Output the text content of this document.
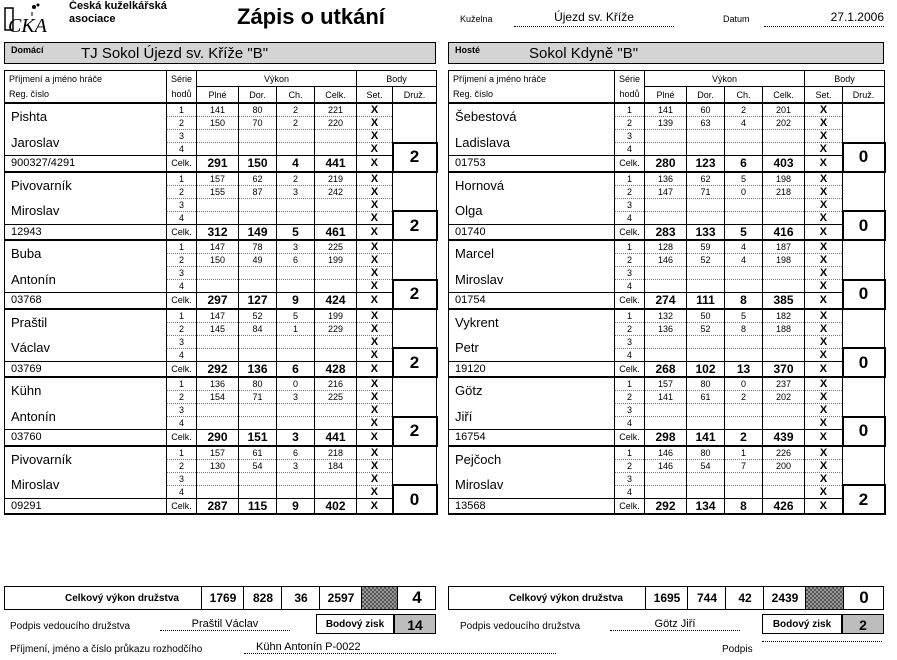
CKA
Česká kuželkářská
asociace	Zápis o utkání	Kuželna	Újezd sv. Kříže	Datum	27.1.2006
Domácí TJ Sokol Újezd sv. Kříže "B"	Hosté	Sokol Kdyně "B"
Příjmení a jméno hráče	Série	Výkon				Body	
Reg. číslo	hodů	Plné	Dor.	Ch.	Celk.	Set.	Druž.
Pishta	1	141	80	2	221	X	
	2	150	70	2	220	X	
Jaroslav	3					X	
	4					X	2
900327/4291	Celk.	291	150	4	441	X	
Pivovarník	1	157	62	2	219	X	
	2	155	87	3	242	X	
Miroslav	3					X	
	4					X	2
12943	Celk.	312	149	5	461	X	
Buba	1	147	78	3	225	X	
	2	150	49	6	199	X	
Antonín	3					X	
	4					X	2
03768	Celk.	297	127	9	424	X	
Praštil	1	147	52	5	199	X	
	2	145	84	1	229	X	
Václav	3					X	
	4					X	2
03769	Celk.	292	136	6	428	X	
Kühn	1	136	80	0	216	X	
	2	154	71	3	225	X	
Antonín	3					X	
	4					X	2
03760	Celk.	290	151	3	441	X	
Pivovarník	1	157	61	6	218	X	
	2	130	54	3	184	X	
Miroslav	3					X	
	4					X	0
09291	Celk.	287	115	9	402	X	
Příjmení a jméno hráče	Série	Výkon				Body	
Reg. číslo	hodů	Plné	Dor.	Ch.	Celk.	Set.	Druž.
Šebestová	1	141	60	2	201	X	
	2	139	63	4	202	X	
Ladislava	3					X	
	4					X	0
01753	Celk.	280	123	6	403	X	
Hornová	1	136	62	5	198	X	
	2	147	71	0	218	X	
Olga	3					X	
	4					X	0
01740	Celk.	283	133	5	416	X	
Marcel	1	128	59	4	187	X	
	2	146	52	4	198	X	
Miroslav	3					X	
	4					X	0
01754	Celk.	274	111	8	385	X	
Vykrent	1	132	50	5	182	X	
	2	136	52	8	188	X	
Petr	3					X	
	4					X	0
19120	Celk.	268	102	13	370	X	
Götz	1	157	80	0	237	X	
	2	141	61	2	202	X	
Jiří	3					X	
	4					X	0
16754	Celk.	298	141	2	439	X	
Pejčoch	1	146	80	1	226	X	
	2	146	54	7	200	X	
Miroslav	3					X	
	4					X	2
13568	Celk.	292	134	8	426	X	
Celkový výkon družstva	1769	828	36	2597	4	Celkový výkon družstva	1695	744	42	2439	0
Podpis vedoucího družstva	Praštil Václav	Bodový zisk	14	Podpis vedoucího družstva	Götz Jiří	Bodový zisk	2
Příjmení, jméno a číslo průkazu rozhodčího	Kühn Antonín P-0022	Podpis
